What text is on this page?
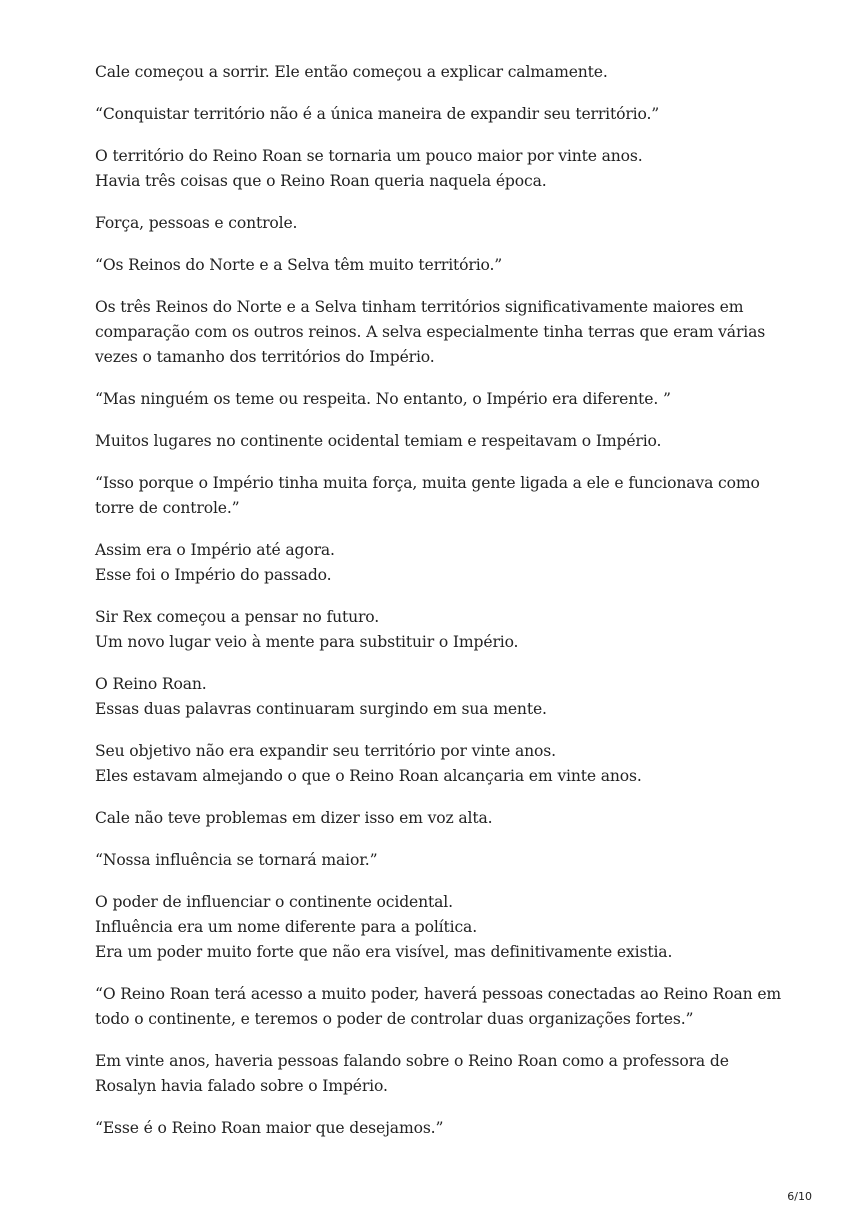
Cale começou a sorrir. Ele então começou a explicar calmamente.

“Conquistar território não é a única maneira de expandir seu território.”

O território do Reino Roan se tornaria um pouco maior por vinte anos.
Havia três coisas que o Reino Roan queria naquela época.

Força, pessoas e controle.

“Os Reinos do Norte e a Selva têm muito território.”

Os três Reinos do Norte e a Selva tinham territórios significativamente maiores em comparação com os outros reinos. A selva especialmente tinha terras que eram várias vezes o tamanho dos territórios do Império.

“Mas ninguém os teme ou respeita. No entanto, o Império era diferente. ”

Muitos lugares no continente ocidental temiam e respeitavam o Império.

“Isso porque o Império tinha muita força, muita gente ligada a ele e funcionava como torre de controle.”

Assim era o Império até agora.
Esse foi o Império do passado.

Sir Rex começou a pensar no futuro.
Um novo lugar veio à mente para substituir o Império.

O Reino Roan.
Essas duas palavras continuaram surgindo em sua mente.

Seu objetivo não era expandir seu território por vinte anos.
Eles estavam almejando o que o Reino Roan alcançaria em vinte anos.

Cale não teve problemas em dizer isso em voz alta.

“Nossa influência se tornará maior.”

O poder de influenciar o continente ocidental.
Influência era um nome diferente para a política.
Era um poder muito forte que não era visível, mas definitivamente existia.

“O Reino Roan terá acesso a muito poder, haverá pessoas conectadas ao Reino Roan em todo o continente, e teremos o poder de controlar duas organizações fortes.”

Em vinte anos, haveria pessoas falando sobre o Reino Roan como a professora de Rosalyn havia falado sobre o Império.

“Esse é o Reino Roan maior que desejamos.”

6/10
